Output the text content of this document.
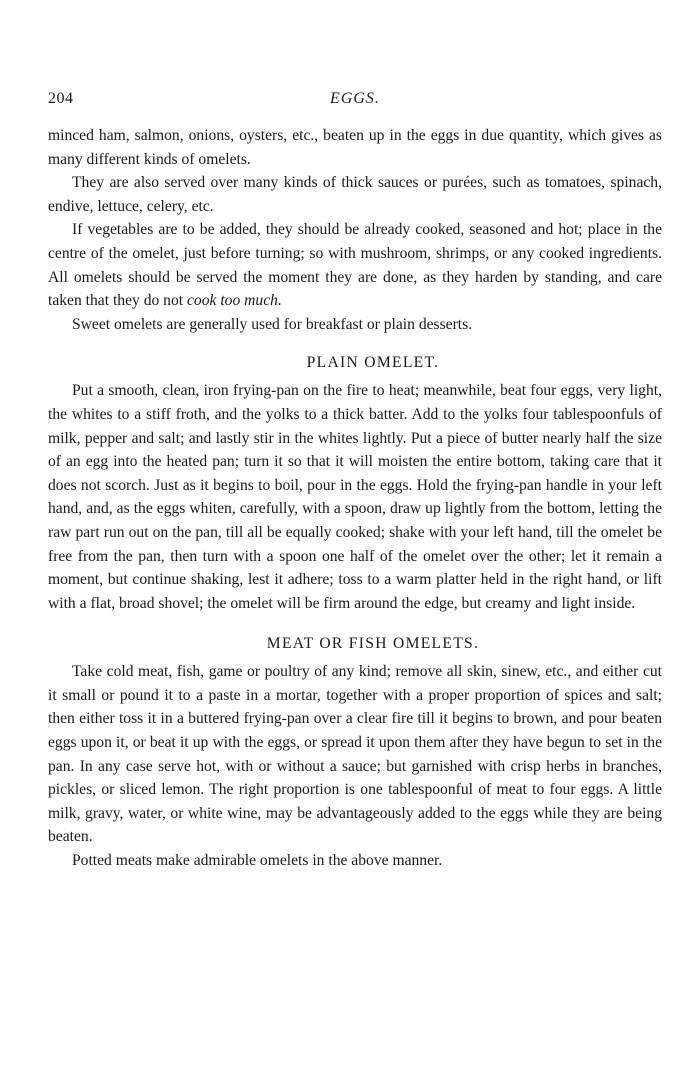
204	EGGS.

minced ham, salmon, onions, oysters, etc., beaten up in the eggs in due quantity, which gives as many different kinds of omelets.

They are also served over many kinds of thick sauces or purées, such as tomatoes, spinach, endive, lettuce, celery, etc.

If vegetables are to be added, they should be already cooked, seasoned and hot; place in the centre of the omelet, just before turning; so with mushroom, shrimps, or any cooked ingredients. All omelets should be served the moment they are done, as they harden by standing, and care taken that they do not cook too much.

Sweet omelets are generally used for breakfast or plain desserts.

PLAIN OMELET.

Put a smooth, clean, iron frying-pan on the fire to heat; meanwhile, beat four eggs, very light, the whites to a stiff froth, and the yolks to a thick batter. Add to the yolks four tablespoonfuls of milk, pepper and salt; and lastly stir in the whites lightly. Put a piece of butter nearly half the size of an egg into the heated pan; turn it so that it will moisten the entire bottom, taking care that it does not scorch. Just as it begins to boil, pour in the eggs. Hold the frying-pan handle in your left hand, and, as the eggs whiten, carefully, with a spoon, draw up lightly from the bottom, letting the raw part run out on the pan, till all be equally cooked; shake with your left hand, till the omelet be free from the pan, then turn with a spoon one half of the omelet over the other; let it remain a moment, but continue shaking, lest it adhere; toss to a warm platter held in the right hand, or lift with a flat, broad shovel; the omelet will be firm around the edge, but creamy and light inside.

MEAT OR FISH OMELETS.

Take cold meat, fish, game or poultry of any kind; remove all skin, sinew, etc., and either cut it small or pound it to a paste in a mortar, together with a proper proportion of spices and salt; then either toss it in a buttered frying-pan over a clear fire till it begins to brown, and pour beaten eggs upon it, or beat it up with the eggs, or spread it upon them after they have begun to set in the pan. In any case serve hot, with or without a sauce; but garnished with crisp herbs in branches, pickles, or sliced lemon. The right proportion is one tablespoonful of meat to four eggs. A little milk, gravy, water, or white wine, may be advantageously added to the eggs while they are being beaten.

Potted meats make admirable omelets in the above manner.
